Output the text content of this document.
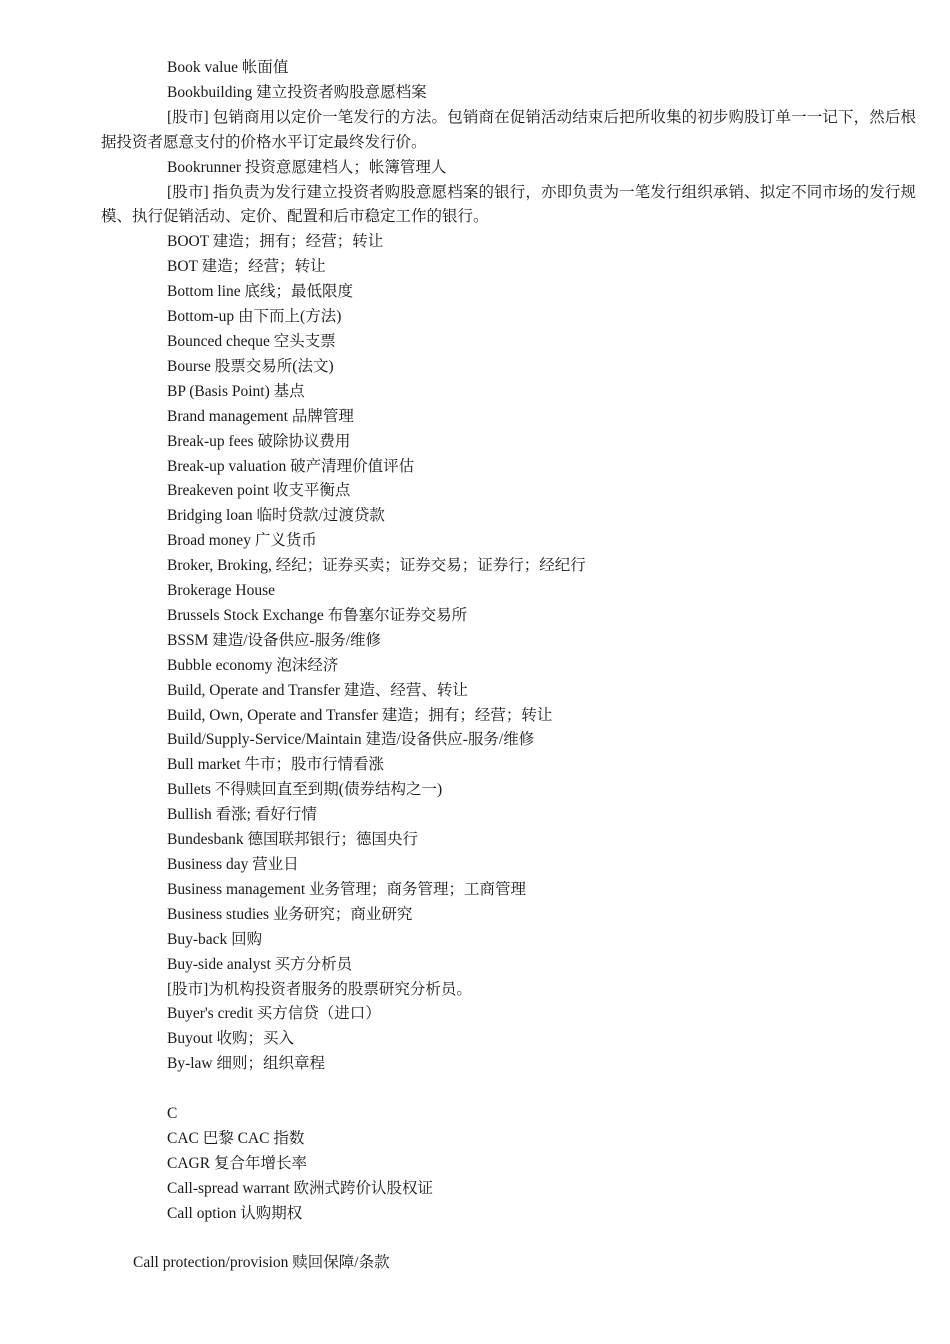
Book value 帐面值

Bookbuilding 建立投资者购股意愿档案

[股市] 包销商用以定价一笔发行的方法。包销商在促销活动结束后把所收集的初步购股订单一一记下，然后根据投资者愿意支付的价格水平订定最终发行价。

Bookrunner 投资意愿建档人；帐簿管理人

[股市] 指负责为发行建立投资者购股意愿档案的银行，亦即负责为一笔发行组织承销、拟定不同市场的发行规模、执行促销活动、定价、配置和后市稳定工作的银行。

BOOT 建造；拥有；经营；转让

BOT 建造；经营；转让

Bottom line 底线；最低限度

Bottom-up 由下而上(方法)

Bounced cheque 空头支票

Bourse 股票交易所(法文)

BP (Basis Point) 基点

Brand management 品牌管理

Break-up fees 破除协议费用

Break-up valuation 破产清理价值评估

Breakeven point 收支平衡点

Bridging loan 临时贷款/过渡贷款

Broad money 广义货币

Broker, Broking, 经纪；证券买卖；证券交易；证券行；经纪行

Brokerage House

Brussels Stock Exchange 布鲁塞尔证券交易所

BSSM 建造/设备供应-服务/维修

Bubble economy 泡沫经济

Build, Operate and Transfer 建造、经营、转让

Build, Own, Operate and Transfer 建造；拥有；经营；转让

Build/Supply-Service/Maintain 建造/设备供应-服务/维修

Bull market 牛市；股市行情看涨

Bullets 不得赎回直至到期(债券结构之一)

Bullish 看涨; 看好行情

Bundesbank 德国联邦银行；德国央行

Business day 营业日

Business management 业务管理；商务管理；工商管理

Business studies 业务研究；商业研究

Buy-back 回购

Buy-side analyst 买方分析员

[股市]为机构投资者服务的股票研究分析员。

Buyer's credit 买方信贷（进口）

Buyout 收购；买入

By-law 细则；组织章程

C

CAC 巴黎 CAC 指数

CAGR 复合年增长率

Call-spread warrant 欧洲式跨价认股权证

Call option 认购期权

Call protection/provision 赎回保障/条款
